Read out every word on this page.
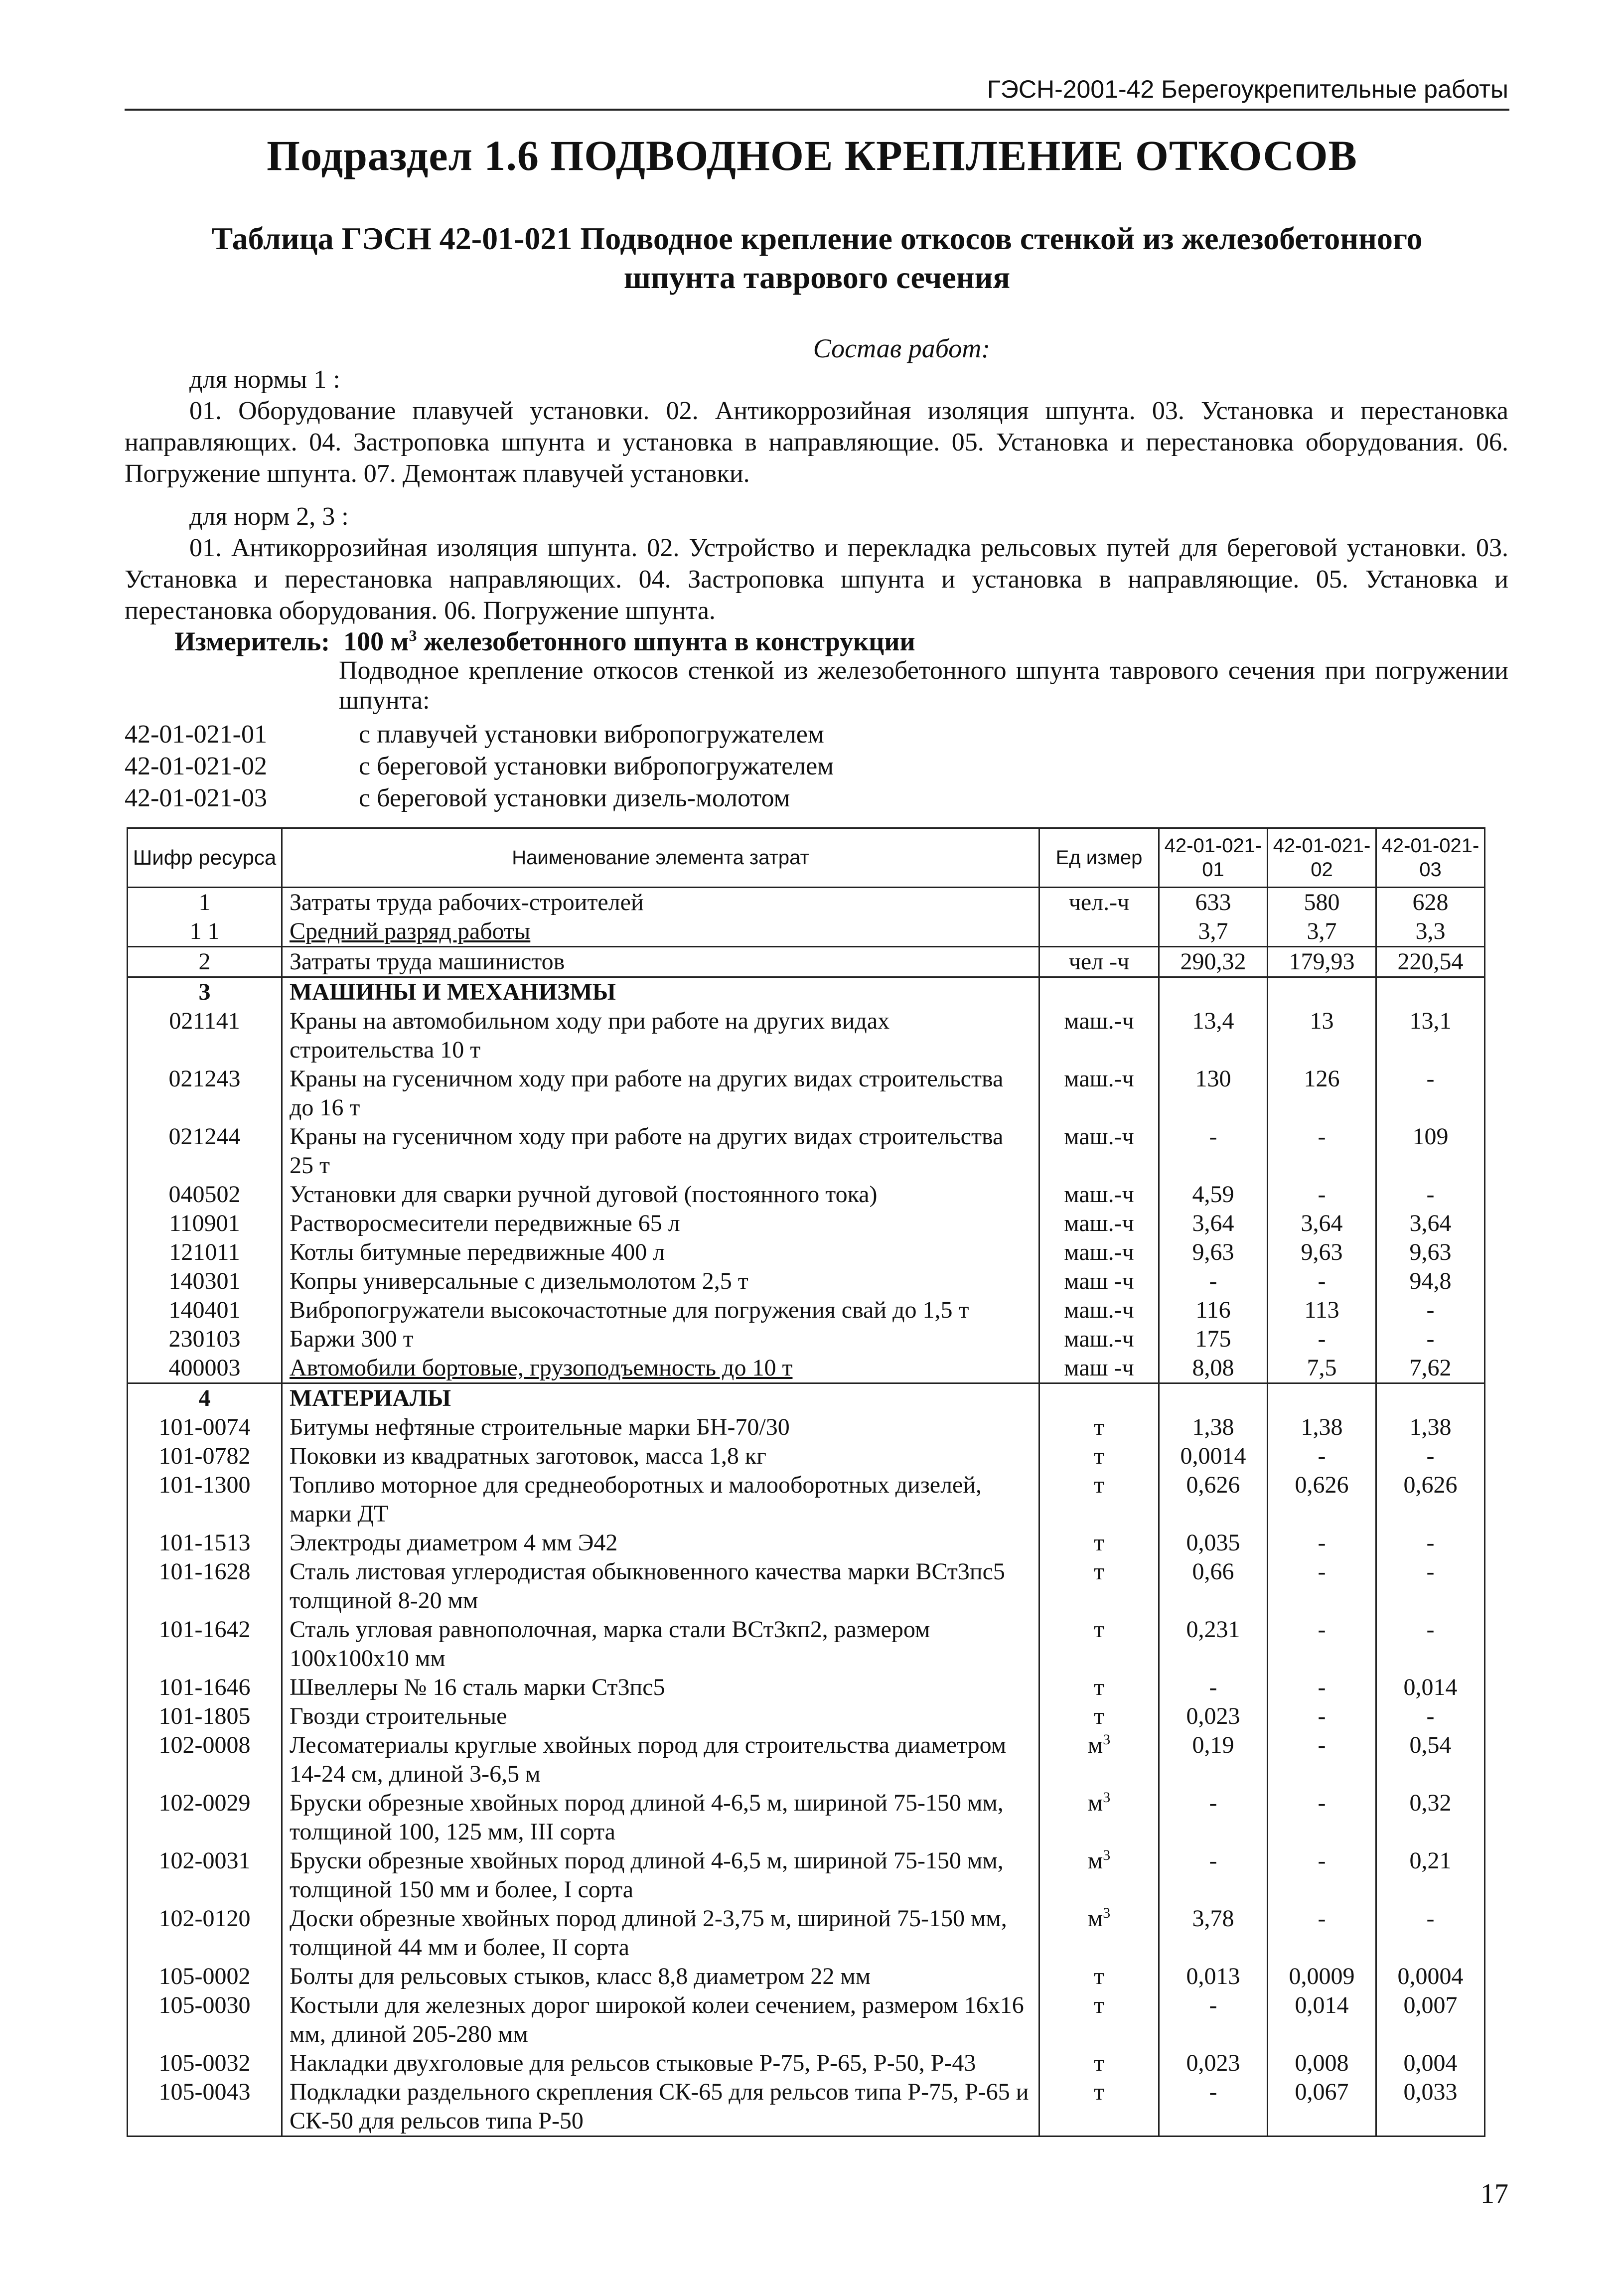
ГЭСН-2001-42 Берегоукрепительные работы
Подраздел 1.6 ПОДВОДНОЕ КРЕПЛЕНИЕ ОТКОСОВ
Таблица ГЭСН 42-01-021 Подводное крепление откосов стенкой из железобетонного
шпунта таврового сечения
Состав работ:
для нормы 1 :
01. Оборудование плавучей установки. 02. Антикоррозийная изоляция шпунта. 03. Установка и перестановка направляющих. 04. Застроповка шпунта и установка в направляющие. 05. Установка и перестановка оборудования. 06. Погружение шпунта. 07. Демонтаж плавучей установки.
для норм 2, 3 :
01. Антикоррозийная изоляция шпунта. 02. Устройство и перекладка рельсовых путей для береговой установки. 03. Установка и перестановка направляющих. 04. Застроповка шпунта и установка в направляющие. 05. Установка и перестановка оборудования. 06. Погружение шпунта.
Измеритель: 100 $м^3$ железобетонного шпунта в конструкции
Подводное крепление откосов стенкой из железобетонного шпунта таврового сечения при погружении шпунта:
42-01-021-01	с плавучей установки вибропогружателем
42-01-021-02	с береговой установки вибропогружателем
42-01-021-03	с береговой установки дизель-молотом
Шифр ресурса	Наименование элемента затрат	Ед измер	42-01-021-01	42-01-021-02	42-01-021-03
1	Затраты труда рабочих-строителей	чел.-ч	633	580	628
1 1	Средний разряд работы		3,7	3,7	3,3
2	Затраты труда машинистов	чел -ч	290,32	179,93	220,54
3	МАШИНЫ И МЕХАНИЗМЫ				
021141	Краны на автомобильном ходу при работе на других видах строительства 10 т	маш.-ч	13,4	13	13,1
021243	Краны на гусеничном ходу при работе на других видах строительства до 16 т	маш.-ч	130	126	-
021244	Краны на гусеничном ходу при работе на других видах строительства 25 т	маш.-ч	-	-	109
040502	Установки для сварки ручной дуговой (постоянного тока)	маш.-ч	4,59	-	-
110901	Растворосмесители передвижные 65 л	маш.-ч	3,64	3,64	3,64
121011	Котлы битумные передвижные 400 л	маш.-ч	9,63	9,63	9,63
140301	Копры универсальные с дизельмолотом 2,5 т	маш -ч	-	-	94,8
140401	Вибропогружатели высокочастотные для погружения свай до 1,5 т	маш.-ч	116	113	-
230103	Баржи 300 т	маш.-ч	175	-	-
400003	Автомобили бортовые, грузоподъемность до 10 т	маш -ч	8,08	7,5	7,62
4	МАТЕРИАЛЫ				
101-0074	Битумы нефтяные строительные марки БН-70/30	т	1,38	1,38	1,38
101-0782	Поковки из квадратных заготовок, масса 1,8 кг	т	0,0014	-	-
101-1300	Топливо моторное для среднеоборотных и малооборотных дизелей, марки ДТ	т	0,626	0,626	0,626
101-1513	Электроды диаметром 4 мм Э42	т	0,035	-	-
101-1628	Сталь листовая углеродистая обыкновенного качества марки ВСт3пс5 толщиной 8-20 мм	т	0,66	-	-
101-1642	Сталь угловая равнополочная, марка стали ВСт3кп2, размером 100x100x10 мм	т	0,231	-	-
101-1646	Швеллеры № 16 сталь марки Ст3пс5	т	-	-	0,014
101-1805	Гвозди строительные	т	0,023	-	-
102-0008	Лесоматериалы круглые хвойных пород для строительства диаметром 14-24 см, длиной 3-6,5 м	$м^3$	0,19	-	0,54
102-0029	Бруски обрезные хвойных пород длиной 4-6,5 м, шириной 75-150 мм, толщиной 100, 125 мм, III сорта	$м^3$	-	-	0,32
102-0031	Бруски обрезные хвойных пород длиной 4-6,5 м, шириной 75-150 мм, толщиной 150 мм и более, I сорта	$м^3$	-	-	0,21
102-0120	Доски обрезные хвойных пород длиной 2-3,75 м, шириной 75-150 мм, толщиной 44 мм и более, II сорта	$м^3$	3,78	-	-
105-0002	Болты для рельсовых стыков, класс 8,8 диаметром 22 мм	т	0,013	0,0009	0,0004
105-0030	Костыли для железных дорог широкой колеи сечением, размером 16x16 мм, длиной 205-280 мм	т	-	0,014	0,007
105-0032	Накладки двухголовые для рельсов стыковые Р-75, Р-65, Р-50, Р-43	т	0,023	0,008	0,004
105-0043	Подкладки раздельного скрепления СК-65 для рельсов типа Р-75, Р-65 и СК-50 для рельсов типа Р-50	т	-	0,067	0,033
17
